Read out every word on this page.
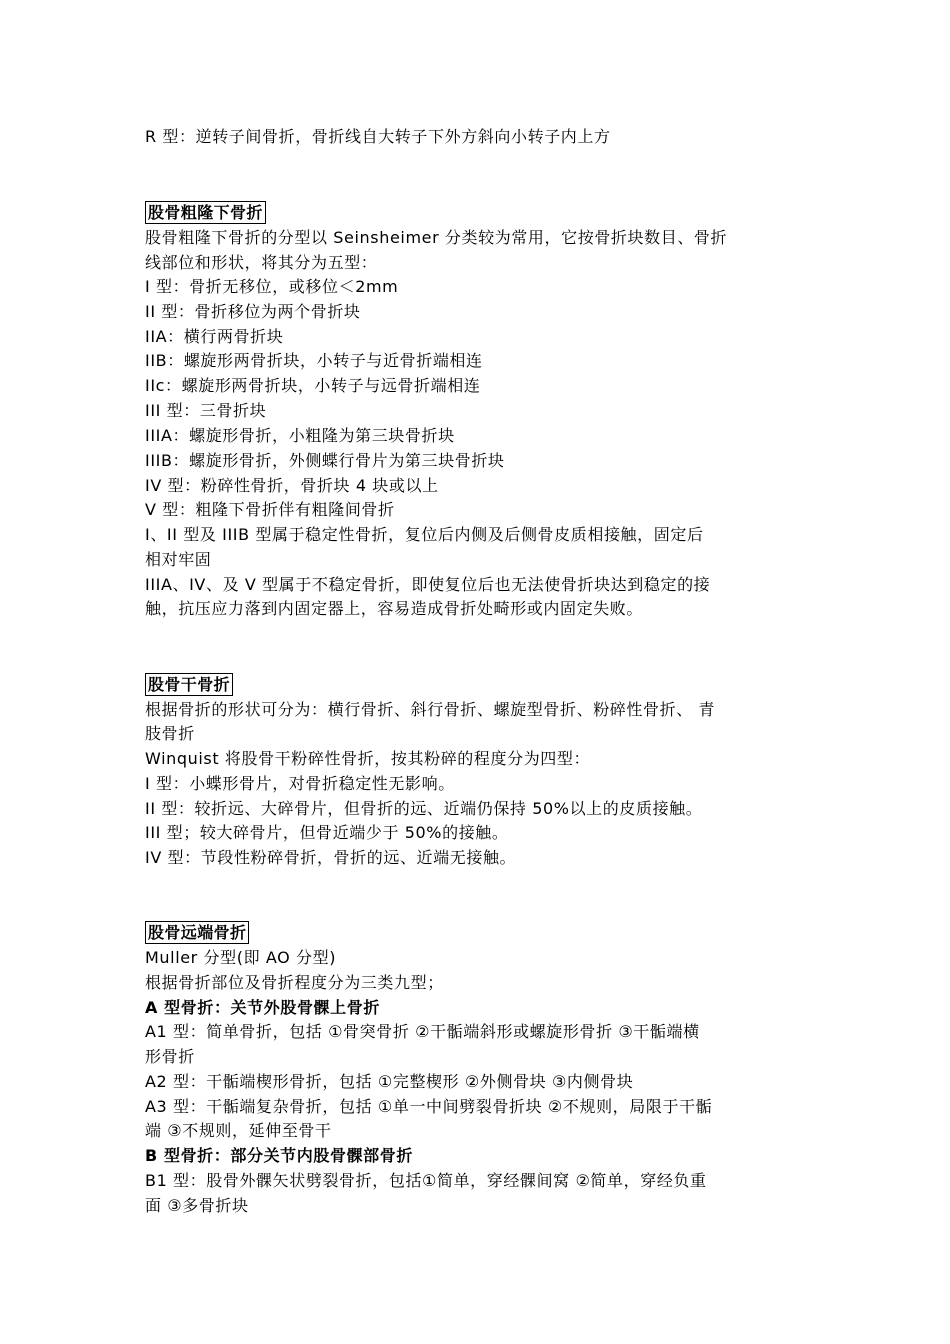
R 型：逆转子间骨折，骨折线自大转子下外方斜向小转子内上方
股骨粗隆下骨折
股骨粗隆下骨折的分型以 Seinsheimer 分类较为常用，它按骨折块数目、骨折
线部位和形状，将其分为五型：
I 型：骨折无移位，或移位＜2mm
II 型：骨折移位为两个骨折块
IIA：横行两骨折块
IIB：螺旋形两骨折块，小转子与近骨折端相连
IIc：螺旋形两骨折块，小转子与远骨折端相连
III 型：三骨折块
IIIA：螺旋形骨折，小粗隆为第三块骨折块
IIIB：螺旋形骨折，外侧蝶行骨片为第三块骨折块
IV 型：粉碎性骨折，骨折块 4 块或以上
V 型：粗隆下骨折伴有粗隆间骨折
I、II 型及 IIIB 型属于稳定性骨折，复位后内侧及后侧骨皮质相接触，固定后
相对牢固
IIIA、IV、及 V 型属于不稳定骨折，即使复位后也无法使骨折块达到稳定的接
触，抗压应力落到内固定器上，容易造成骨折处畸形或内固定失败。
股骨干骨折
根据骨折的形状可分为：横行骨折、斜行骨折、螺旋型骨折、粉碎性骨折、 青
肢骨折
Winquist 将股骨干粉碎性骨折，按其粉碎的程度分为四型：
I 型：小蝶形骨片，对骨折稳定性无影响。
II 型：较折远、大碎骨片，但骨折的远、近端仍保持 50%以上的皮质接触。
III 型；较大碎骨片，但骨近端少于 50%的接触。
IV 型：节段性粉碎骨折，骨折的远、近端无接触。
股骨远端骨折
Muller 分型(即 AO 分型)
根据骨折部位及骨折程度分为三类九型；
A 型骨折：关节外股骨髁上骨折
A1 型：简单骨折，包括 ①骨突骨折 ②干骺端斜形或螺旋形骨折 ③干骺端横
形骨折
A2 型：干骺端楔形骨折，包括 ①完整楔形 ②外侧骨块 ③内侧骨块
A3 型：干骺端复杂骨折，包括 ①单一中间劈裂骨折块 ②不规则，局限于干骺
端 ③不规则，延伸至骨干
B 型骨折：部分关节内股骨髁部骨折
B1 型：股骨外髁矢状劈裂骨折，包括①简单，穿经髁间窝 ②简单，穿经负重
面 ③多骨折块
